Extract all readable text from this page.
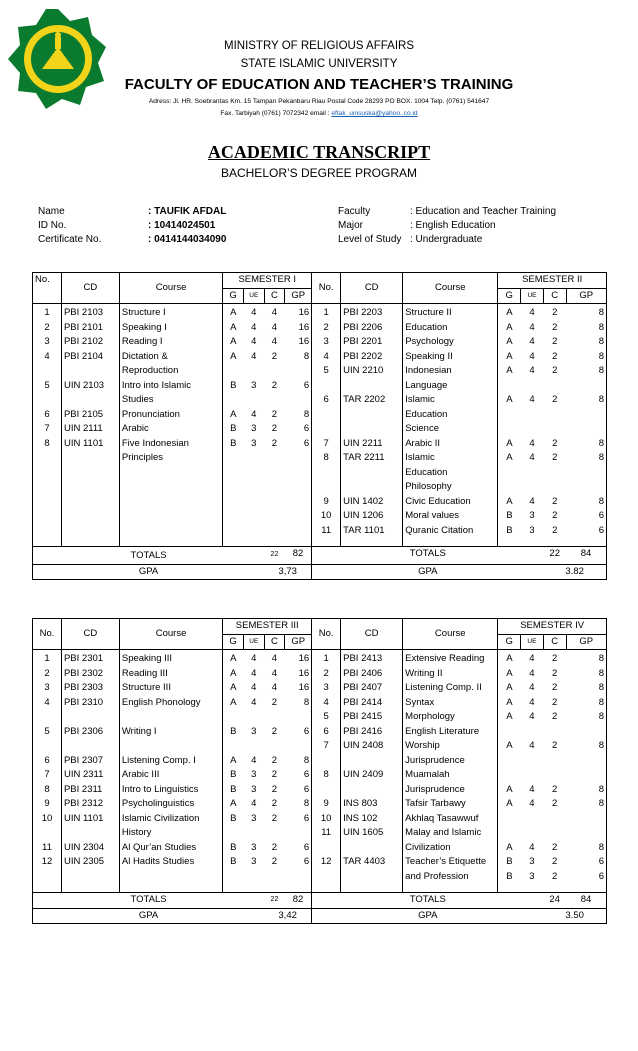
MINISTRY OF RELIGIOUS AFFAIRS
STATE ISLAMIC UNIVERSITY
FACULTY OF EDUCATION AND TEACHER’S TRAINING
Adress: Jl. HR. Soebrantas Km. 15 Tampan Pekanbaru Riau Postal Code 28293 PO BOX. 1004 Telp. (0761) 541647
Fax. Tarbiyah (0761) 7072342 email : eftak_uinsuska@yahoo..co.id
ACADEMIC TRANSCRIPT
BACHELOR’S DEGREE PROGRAM
Name	: TAUFIK AFDAL
ID No.	: 10414024501
Certificate No.	: 0414144034090
Faculty	: Education and Teacher Training
Major	: English Education
Level of Study : Undergraduate
No.	CD	Course	SEMESTER I				No.	CD	Course	SEMESTER II			
			G	UE	C	GP				G	UE	C	GP
1	PBI 2103	Structure I	A	4	4	16	1	PBI 2203	Structure II	A	4	2	8
2	PBI 2101	Speaking I	A	4	4	16	2	PBI 2206	Education	A	4	2	8
3	PBI 2102	Reading I	A	4	4	16	3	PBI 2201	Psychology	A	4	2	8
4	PBI 2104	Dictation &	A	4	2	8	4	PBI 2202	Speaking II	A	4	2	8
		Reproduction					5	UIN 2210	Indonesian	A	4	2	8
5	UIN 2103	Intro into Islamic	B	3	2	6			Language				
		Studies					6	TAR 2202	Islamic	A	4	2	8
6	PBI 2105	Pronunciation	A	4	2	8			Education				
7	UIN 2111	Arabic	B	3	2	6			Science				
8	UIN 1101	Five Indonesian	B	3	2	6	7	UIN 2211	Arabic II	A	4	2	8
		Principles					8	TAR 2211	Islamic	A	4	2	8
									Education				
									Philosophy				
							9	UIN 1402	Civic Education	A	4	2	8
							10	UIN 1206	Moral values	B	3	2	6
							11	TAR 1101	Quranic Citation	B	3	2	6

TOTALS					22	82	TOTALS					22	84
GPA					3,73		GPA					3.82	
No.	CD	Course	SEMESTER III				No.	CD	Course	SEMESTER IV			
			G	UE	C	GP				G	UE	C	GP
1	PBI 2301	Speaking III	A	4	4	16	1	PBI 2413	Extensive Reading	A	4	2	8
2	PBI 2302	Reading III	A	4	4	16	2	PBI 2406	Writing II	A	4	2	8
3	PBI 2303	Structure III	A	4	4	16	3	PBI 2407	Listening Comp. II	A	4	2	8
4	PBI 2310	English Phonology	A	4	2	8	4	PBI 2414	Syntax	A	4	2	8
							5	PBI 2415	Morphology	A	4	2	8
5	PBI 2306	Writing I	B	3	2	6	6	PBI 2416	English Literature				
							7	UIN 2408	Worship	A	4	2	8
6	PBI 2307	Listening Comp. I	A	4	2	8			Jurisprudence				
7	UIN 2311	Arabic III	B	3	2	6	8	UIN 2409	Muamalah				
8	PBI 2311	Intro to Linguistics	B	3	2	6			Jurisprudence	A	4	2	8
9	PBI 2312	Psycholinguistics	A	4	2	8	9	INS 803	Tafsir Tarbawy	A	4	2	8
10	UIN 1101	Islamic Civilization	B	3	2	6	10	INS 102	Akhlaq Tasawwuf				
		History					11	UIN 1605	Malay and Islamic				
11	UIN 2304	Al Qur’an Studies	B	3	2	6			Civilization	A	4	2	8
12	UIN 2305	Al Hadits Studies	B	3	2	6	12	TAR 4403	Teacher’s Etiquette	B	3	2	6
									and Profession	B	3	2	6

TOTALS					22	82	TOTALS					24	84
GPA					3,42		GPA					3.50	
